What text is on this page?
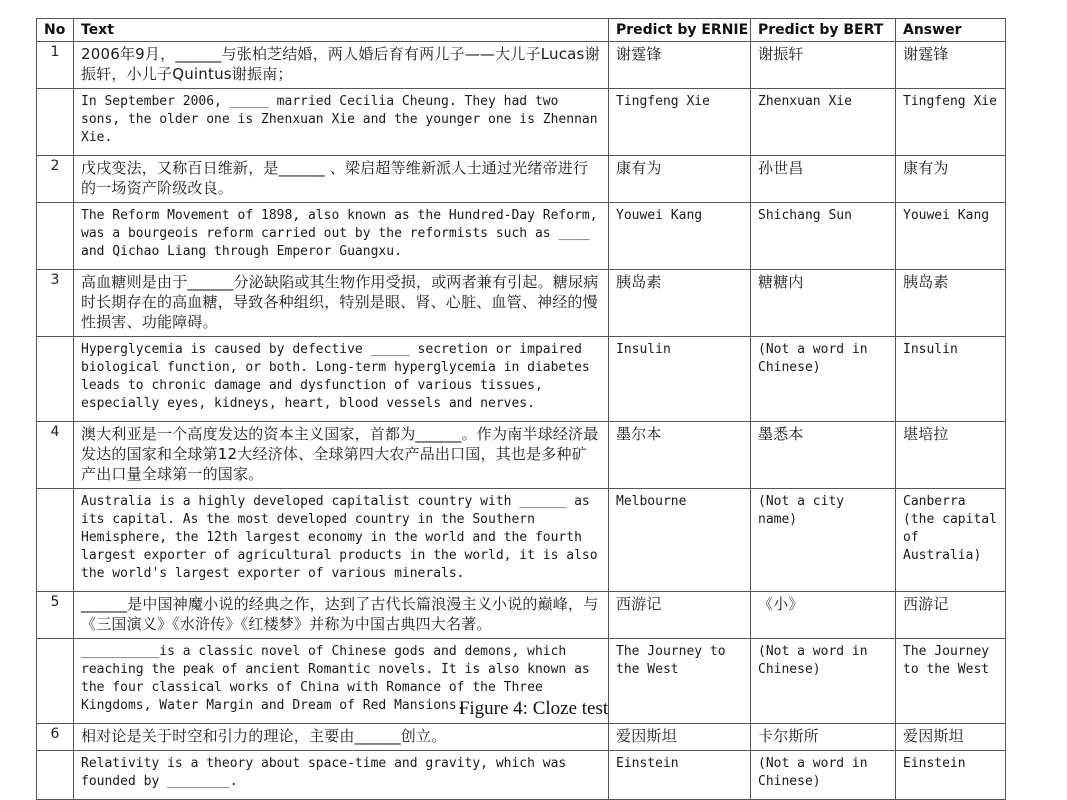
No	Text	Predict by ERNIE	Predict by BERT	Answer
1	2006年9月，______与张柏芝结婚，两人婚后育有两儿子——大儿子Lucas谢振轩，小儿子Quintus谢振南；	谢霆锋	谢振轩	谢霆锋
	In September 2006, _____ married Cecilia Cheung. They had two sons, the older one is Zhenxuan Xie and the younger one is Zhennan Xie.	Tingfeng Xie	Zhenxuan Xie	Tingfeng Xie
2	戊戌变法，又称百日维新，是______ 、梁启超等维新派人士通过光绪帝进行的一场资产阶级改良。	康有为	孙世昌	康有为
	The Reform Movement of 1898, also known as the Hundred-Day Reform, was a bourgeois reform carried out by the reformists such as ____ and Qichao Liang through Emperor Guangxu.	Youwei Kang	Shichang Sun	Youwei Kang
3	高血糖则是由于______分泌缺陷或其生物作用受损，或两者兼有引起。糖尿病时长期存在的高血糖，导致各种组织，特别是眼、肾、心脏、血管、神经的慢性损害、功能障碍。	胰岛素	糖糖内	胰岛素
	Hyperglycemia is caused by defective _____ secretion or impaired biological function, or both. Long-term hyperglycemia in diabetes leads to chronic damage and dysfunction of various tissues, especially eyes, kidneys, heart, blood vessels and nerves.	Insulin	(Not a word in Chinese)	Insulin
4	澳大利亚是一个高度发达的资本主义国家，首都为______。作为南半球经济最发达的国家和全球第12大经济体、全球第四大农产品出口国，其也是多种矿产出口量全球第一的国家。	墨尔本	墨悉本	堪培拉
	Australia is a highly developed capitalist country with ______ as its capital. As the most developed country in the Southern Hemisphere, the 12th largest economy in the world and the fourth largest exporter of agricultural products in the world, it is also the world's largest exporter of various minerals.	Melbourne	(Not a city name)	Canberra (the capital of Australia)
5	______是中国神魔小说的经典之作，达到了古代长篇浪漫主义小说的巅峰，与《三国演义》《水浒传》《红楼梦》并称为中国古典四大名著。	西游记	《小》	西游记
	__________is a classic novel of Chinese gods and demons, which reaching the peak of ancient Romantic novels. It is also known as the four classical works of China with Romance of the Three Kingdoms, Water Margin and Dream of Red Mansions.	The Journey to the West	(Not a word in Chinese)	The Journey to the West
6	相对论是关于时空和引力的理论，主要由______创立。	爱因斯坦	卡尔斯所	爱因斯坦
	Relativity is a theory about space-time and gravity, which was founded by ________.	Einstein	(Not a word in Chinese)	Einstein
Figure 4: Cloze test
